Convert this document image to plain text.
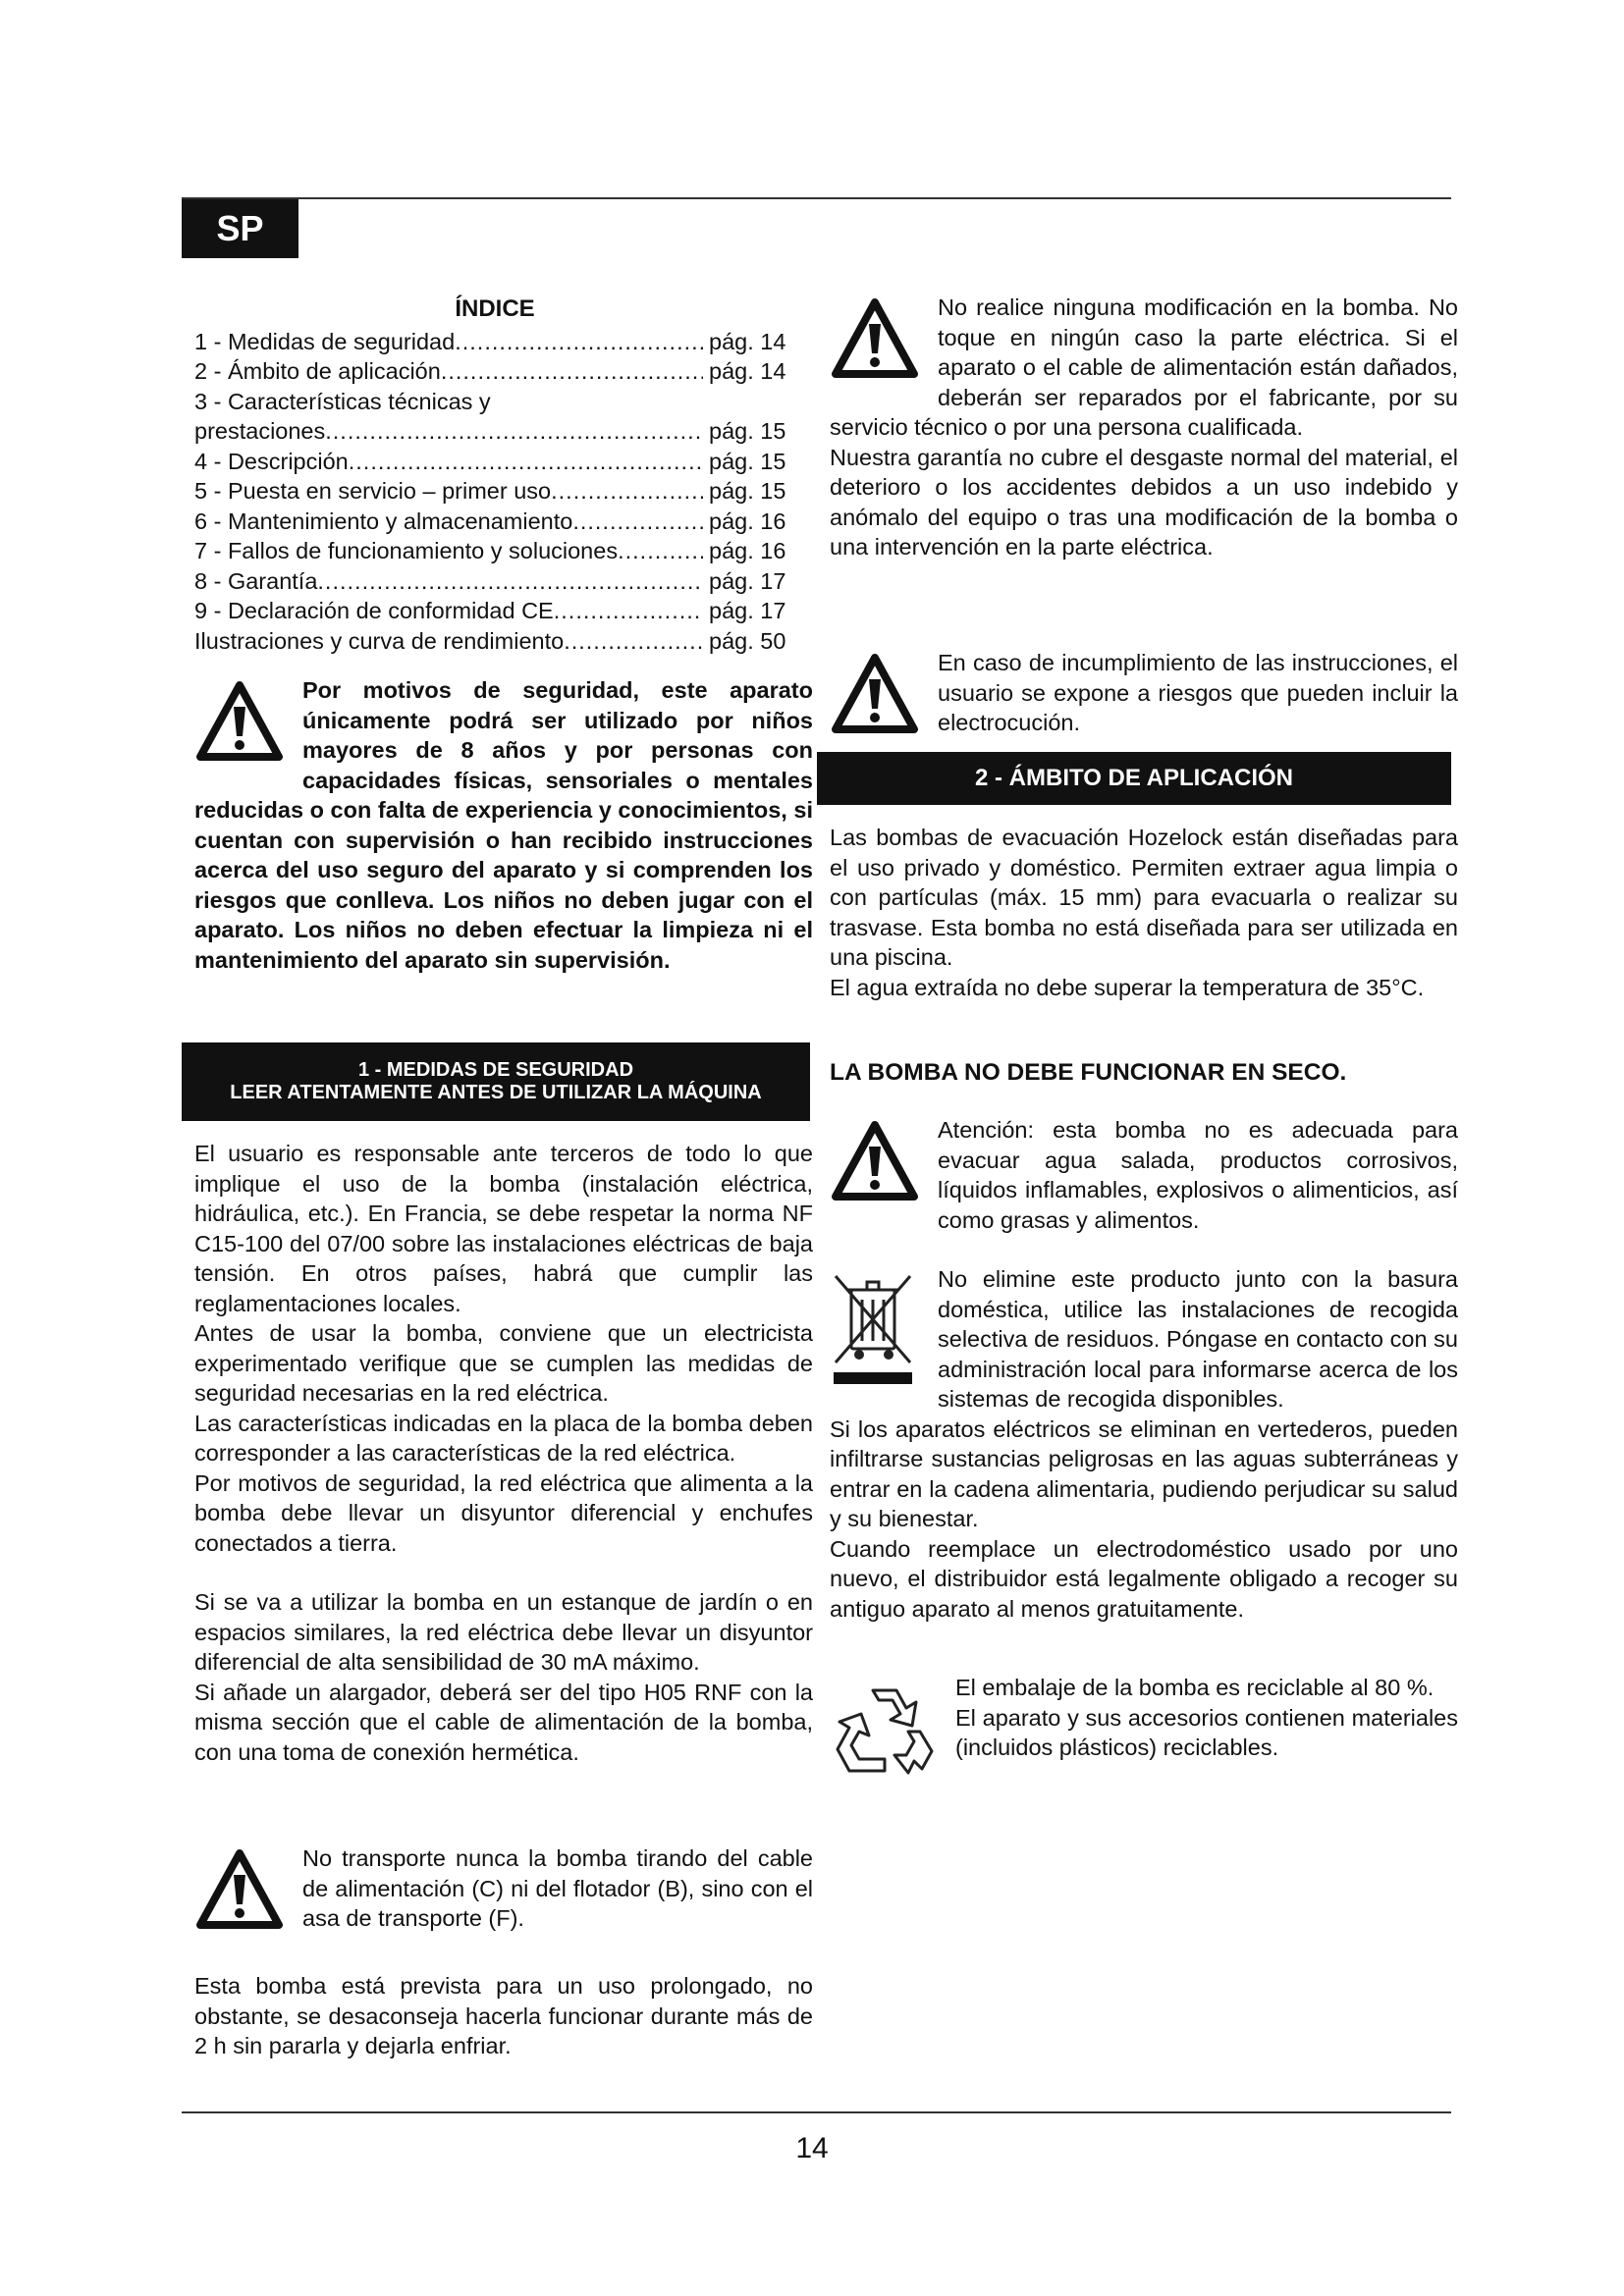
SP

ÍNDICE

1 - Medidas de seguridad .....	pág. 14
2 - Ámbito de aplicación .....	pág. 14
3 - Características técnicas y
prestaciones .....	pág. 15
4 - Descripción .....	pág. 15
5 - Puesta en servicio – primer uso .....	pág. 15
6 - Mantenimiento y almacenamiento .....	pág. 16
7 - Fallos de funcionamiento y soluciones .....	pág. 16
8 - Garantía .....	pág. 17
9 - Declaración de conformidad CE .....	pág. 17
Ilustraciones y curva de rendimiento .....	pág. 50
Por motivos de seguridad, este aparato únicamente podrá ser utilizado por niños mayores de 8 años y por personas con capacidades físicas, sensoriales o mentales reducidas o con falta de experiencia y conocimientos, si cuentan con supervisión o han recibido instrucciones acerca del uso seguro del aparato y si comprenden los riesgos que conlleva. Los niños no deben jugar con el aparato. Los niños no deben efectuar la limpieza ni el mantenimiento del aparato sin supervisión.
1 - MEDIDAS DE SEGURIDAD
LEER ATENTAMENTE ANTES DE UTILIZAR LA MÁQUINA

El usuario es responsable ante terceros de todo lo que implique el uso de la bomba (instalación eléctrica, hidráulica, etc.). En Francia, se debe respetar la norma NF C15-100 del 07/00 sobre las instalaciones eléctricas de baja tensión. En otros países, habrá que cumplir las reglamentaciones locales.

Antes de usar la bomba, conviene que un electricista experimentado verifique que se cumplen las medidas de seguridad necesarias en la red eléctrica.

Las características indicadas en la placa de la bomba deben corresponder a las características de la red eléctrica.

Por motivos de seguridad, la red eléctrica que alimenta a la bomba debe llevar un disyuntor diferencial y enchufes conectados a tierra.

Si se va a utilizar la bomba en un estanque de jardín o en espacios similares, la red eléctrica debe llevar un disyuntor diferencial de alta sensibilidad de 30 mA máximo.

Si añade un alargador, deberá ser del tipo H05 RNF con la misma sección que el cable de alimentación de la bomba, con una toma de conexión hermética.

No transporte nunca la bomba tirando del cable de alimentación (C) ni del flotador (B), sino con el asa de transporte (F).

Esta bomba está prevista para un uso prolongado, no obstante, se desaconseja hacerla funcionar durante más de 2 h sin pararla y dejarla enfriar.

No realice ninguna modificación en la bomba. No toque en ningún caso la parte eléctrica. Si el aparato o el cable de alimentación están dañados, deberán ser reparados por el fabricante, por su servicio técnico o por una persona cualificada.

Nuestra garantía no cubre el desgaste normal del material, el deterioro o los accidentes debidos a un uso indebido y anómalo del equipo o tras una modificación de la bomba o una intervención en la parte eléctrica.

En caso de incumplimiento de las instrucciones, el usuario se expone a riesgos que pueden incluir la electrocución.
2 - ÁMBITO DE APLICACIÓN

Las bombas de evacuación Hozelock están diseñadas para el uso privado y doméstico. Permiten extraer agua limpia o con partículas (máx. 15 mm) para evacuarla o realizar su trasvase. Esta bomba no está diseñada para ser utilizada en una piscina.

El agua extraída no debe superar la temperatura de 35°C.

LA BOMBA NO DEBE FUNCIONAR EN SECO.
Atención: esta bomba no es adecuada para evacuar agua salada, productos corrosivos, líquidos inflamables, explosivos o alimenticios, así como grasas y alimentos.
No elimine este producto junto con la basura doméstica, utilice las instalaciones de recogida selectiva de residuos. Póngase en contacto con su administración local para informarse acerca de los sistemas de recogida disponibles.

Si los aparatos eléctricos se eliminan en vertederos, pueden infiltrarse sustancias peligrosas en las aguas subterráneas y entrar en la cadena alimentaria, pudiendo perjudicar su salud y su bienestar.

Cuando reemplace un electrodoméstico usado por uno nuevo, el distribuidor está legalmente obligado a recoger su antiguo aparato al menos gratuitamente.

El embalaje de la bomba es reciclable al 80 %.

El aparato y sus accesorios contienen materiales (incluidos plásticos) reciclables.

14
